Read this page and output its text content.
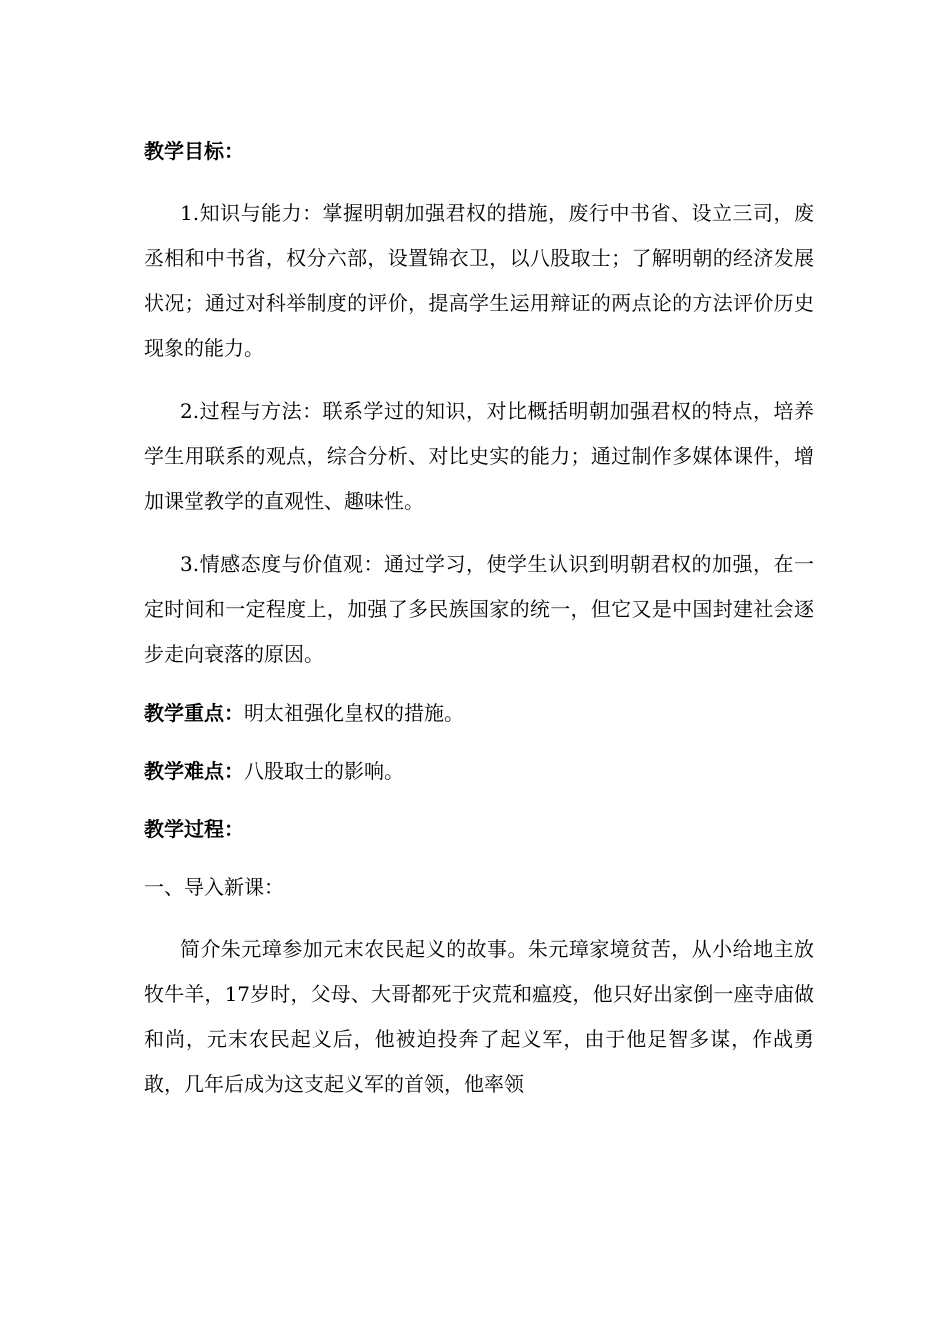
教学目标：

1.知识与能力：掌握明朝加强君权的措施，废行中书省、设立三司，废丞相和中书省，权分六部，设置锦衣卫，以八股取士；了解明朝的经济发展状况；通过对科举制度的评价，提高学生运用辩证的两点论的方法评价历史现象的能力。

2.过程与方法：联系学过的知识，对比概括明朝加强君权的特点，培养学生用联系的观点，综合分析、对比史实的能力；通过制作多媒体课件，增加课堂教学的直观性、趣味性。

3.情感态度与价值观：通过学习，使学生认识到明朝君权的加强，在一定时间和一定程度上，加强了多民族国家的统一，但它又是中国封建社会逐步走向衰落的原因。

教学重点：明太祖强化皇权的措施。
教学难点：八股取士的影响。
教学过程：
一、导入新课：

简介朱元璋参加元末农民起义的故事。朱元璋家境贫苦，从小给地主放牧牛羊，17岁时，父母、大哥都死于灾荒和瘟疫，他只好出家倒一座寺庙做和尚，元末农民起义后，他被迫投奔了起义军，由于他足智多谋，作战勇敢，几年后成为这支起义军的首领，他率领
